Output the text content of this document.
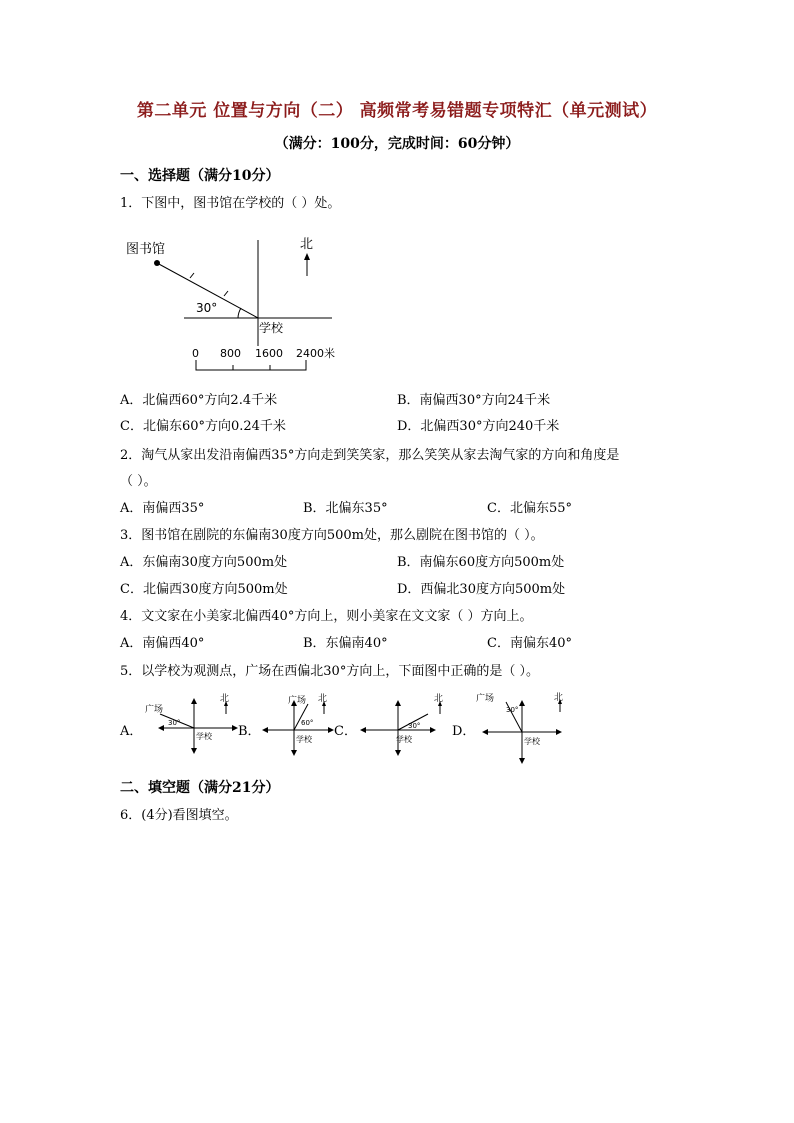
第二单元 位置与方向（二） 高频常考易错题专项特汇（单元测试）
（满分：100分，完成时间：60分钟）
一、选择题（满分10分）
1．下图中，图书馆在学校的（ ）处。
30°
图书馆
学校
北
0 800 1600 2400米
A．北偏西60°方向2.4千米	B．南偏西30°方向24千米
C．北偏东60°方向0.24千米	D．北偏西30°方向240千米
2．淘气从家出发沿南偏西35°方向走到笑笑家，那么笑笑从家去淘气家的方向和角度是
（ ）。
A．南偏西35°	B．北偏东35°	C．北偏东55°
3．图书馆在剧院的东偏南30度方向500m处，那么剧院在图书馆的（ ）。
A．东偏南30度方向500m处	B．南偏东60度方向500m处
C．北偏西30度方向500m处	D．西偏北30度方向500m处
4．文文家在小美家北偏西40°方向上，则小美家在文文家（ ）方向上。
A．南偏西40°	B．东偏南40°	C．南偏东40°
5．以学校为观测点，广场在西偏北30°方向上，下面图中正确的是（ ）。
A．
广场
30°
学校
北
B．
广场
60°
学校
北
C．	30°
学校
北
D．
广场
30°
学校
北
二、填空题（满分21分）
6．(4分)看图填空。
